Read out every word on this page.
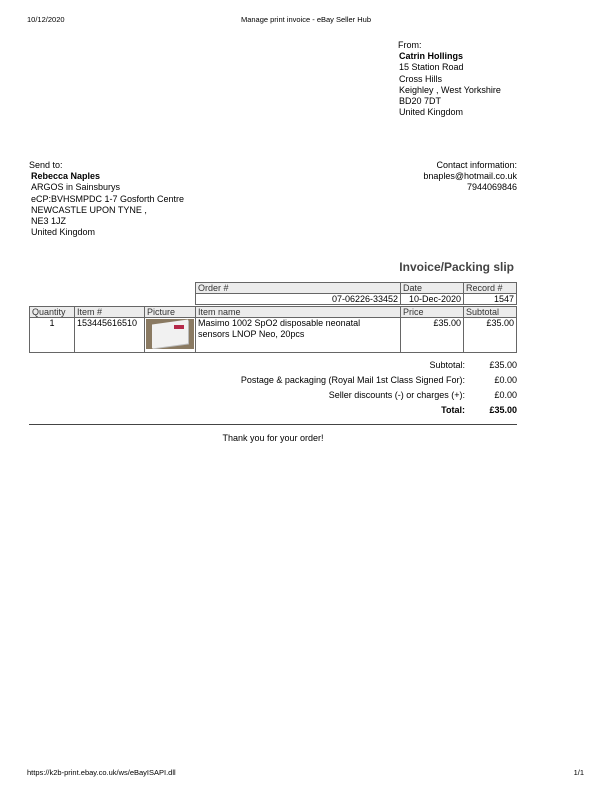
10/12/2020	Manage print invoice - eBay Seller Hub
From:
Catrin Hollings
15 Station Road
Cross Hills
Keighley , West Yorkshire
BD20 7DT
United Kingdom
Send to:
Rebecca Naples
ARGOS in Sainsburys
eCP:BVHSMPDC 1-7 Gosforth Centre
NEWCASTLE UPON TYNE ,
NE3 1JZ
United Kingdom
Contact information:
bnaples@hotmail.co.uk
7944069846
Invoice/Packing slip
Order #	Date	Record #
07-06226-33452	10-Dec-2020	1547
Quantity	Item #	Picture	Item name	Price	Subtotal
1	153445616510		Masimo 1002 SpO2 disposable neonatal
sensors LNOP Neo, 20pcs	£35.00	£35.00
Subtotal:	£35.00
Postage & packaging (Royal Mail 1st Class Signed For):	£0.00
Seller discounts (-) or charges (+):	£0.00
Total:	£35.00
Thank you for your order!
https://k2b-print.ebay.co.uk/ws/eBayISAPI.dll	1/1
